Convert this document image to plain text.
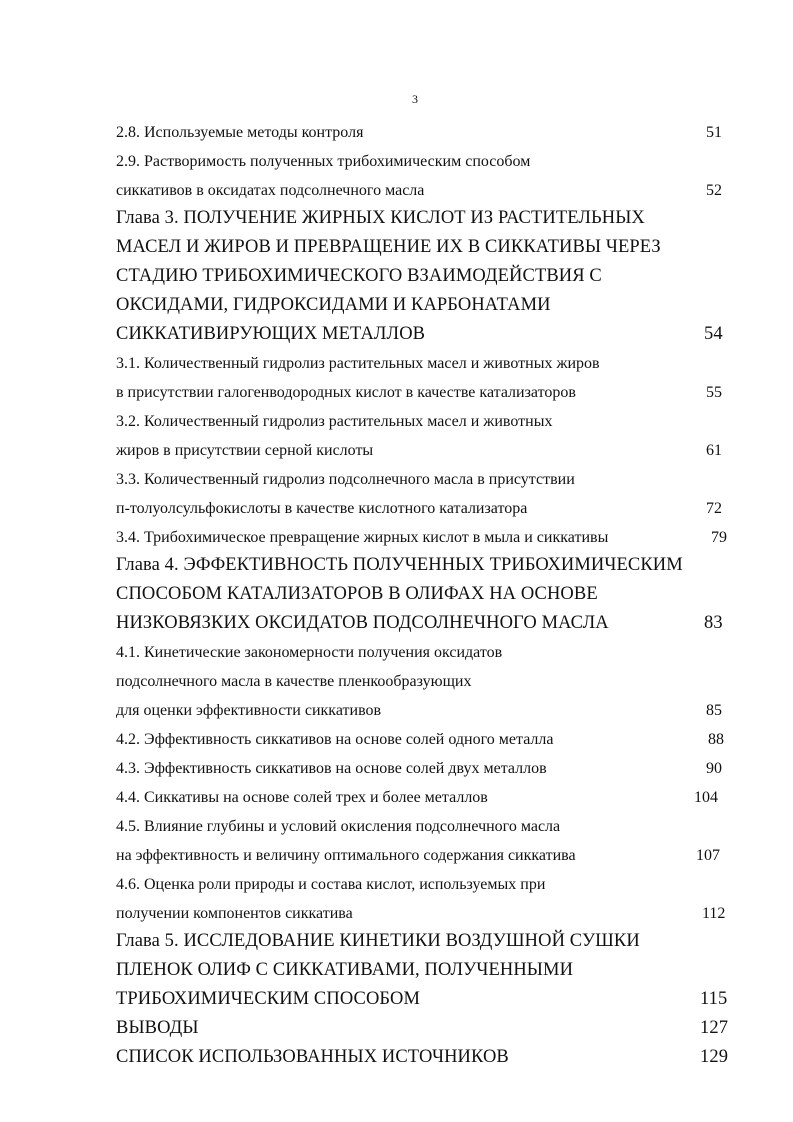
3
2.8. Используемые методы контроля	51
2.9. Растворимость полученных трибохимическим способом
сиккативов в оксидатах подсолнечного масла	52
Глава 3. ПОЛУЧЕНИЕ ЖИРНЫХ КИСЛОТ ИЗ РАСТИТЕЛЬНЫХ
МАСЕЛ И ЖИРОВ И ПРЕВРАЩЕНИЕ ИХ В СИККАТИВЫ ЧЕРЕЗ
СТАДИЮ ТРИБОХИМИЧЕСКОГО ВЗАИМОДЕЙСТВИЯ С
ОКСИДАМИ, ГИДРОКСИДАМИ И КАРБОНАТАМИ
СИККАТИВИРУЮЩИХ МЕТАЛЛОВ	54
3.1. Количественный гидролиз растительных масел и животных жиров
в присутствии галогенводородных кислот в качестве катализаторов	55
3.2. Количественный гидролиз растительных масел и животных
жиров в присутствии серной кислоты	61
3.3. Количественный гидролиз подсолнечного масла в присутствии
п-толуолсульфокислоты в качестве кислотного катализатора	72
3.4. Трибохимическое превращение жирных кислот в мыла и сиккативы	79
Глава 4. ЭФФЕКТИВНОСТЬ ПОЛУЧЕННЫХ ТРИБОХИМИЧЕСКИМ
СПОСОБОМ КАТАЛИЗАТОРОВ В ОЛИФАХ НА ОСНОВЕ
НИЗКОВЯЗКИХ ОКСИДАТОВ ПОДСОЛНЕЧНОГО МАСЛА	83
4.1. Кинетические закономерности получения оксидатов
подсолнечного масла в качестве пленкообразующих
для оценки эффективности сиккативов	85
4.2. Эффективность сиккативов на основе солей одного металла	88
4.3. Эффективность сиккативов на основе солей двух металлов	90
4.4. Сиккативы на основе солей трех и более металлов	104
4.5. Влияние глубины и условий окисления подсолнечного масла
на эффективность и величину оптимального содержания сиккатива	107
4.6. Оценка роли природы и состава кислот, используемых при
получении компонентов сиккатива	112
Глава 5. ИССЛЕДОВАНИЕ КИНЕТИКИ ВОЗДУШНОЙ СУШКИ
ПЛЕНОК ОЛИФ С СИККАТИВАМИ, ПОЛУЧЕННЫМИ
ТРИБОХИМИЧЕСКИМ СПОСОБОМ	115
ВЫВОДЫ	127
СПИСОК ИСПОЛЬЗОВАННЫХ ИСТОЧНИКОВ	129
